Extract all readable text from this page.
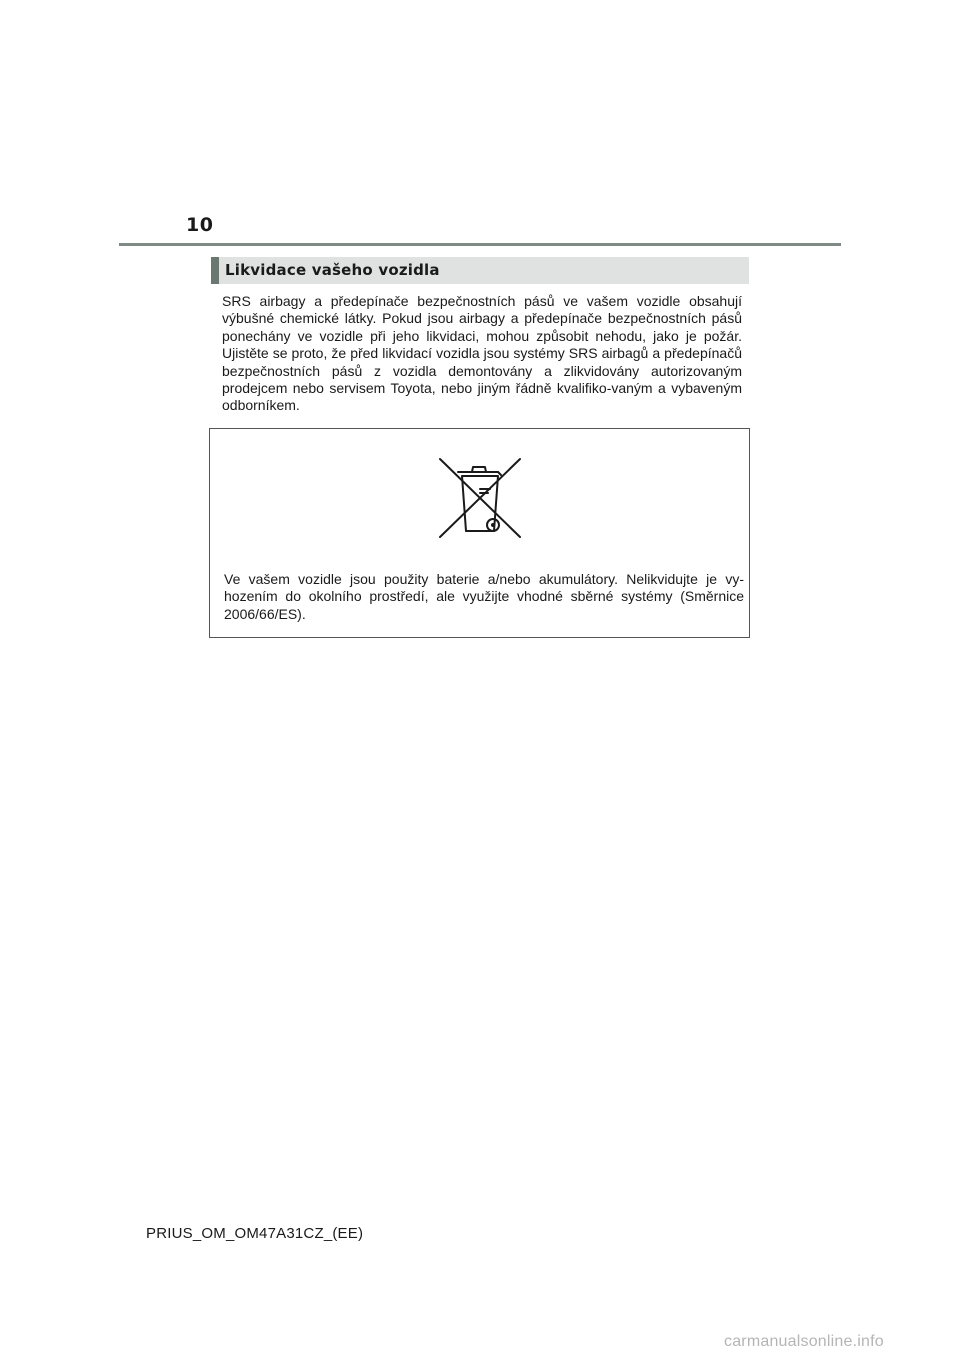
10
Likvidace vašeho vozidla

SRS airbagy a předepínače bezpečnostních pásů ve vašem vozidle obsahují výbušné chemické látky. Pokud jsou airbagy a předepínače bezpečnostních pásů ponechány ve vozidle při jeho likvidaci, mohou způsobit nehodu, jako je požár. Ujistěte se proto, že před likvidací vozidla jsou systémy SRS airbagů a předepínačů bezpečnostních pásů z vozidla demontovány a zlikvidovány autorizovaným prodejcem nebo servisem Toyota, nebo jiným řádně kvalifiko-vaným a vybaveným odborníkem.

Ve vašem vozidle jsou použity baterie a/nebo akumulátory. Nelikvidujte je vy-hozením do okolního prostředí, ale využijte vhodné sběrné systémy (Směrnice 2006/66/ES).

PRIUS_OM_OM47A31CZ_(EE)
carmanualsonline.info
